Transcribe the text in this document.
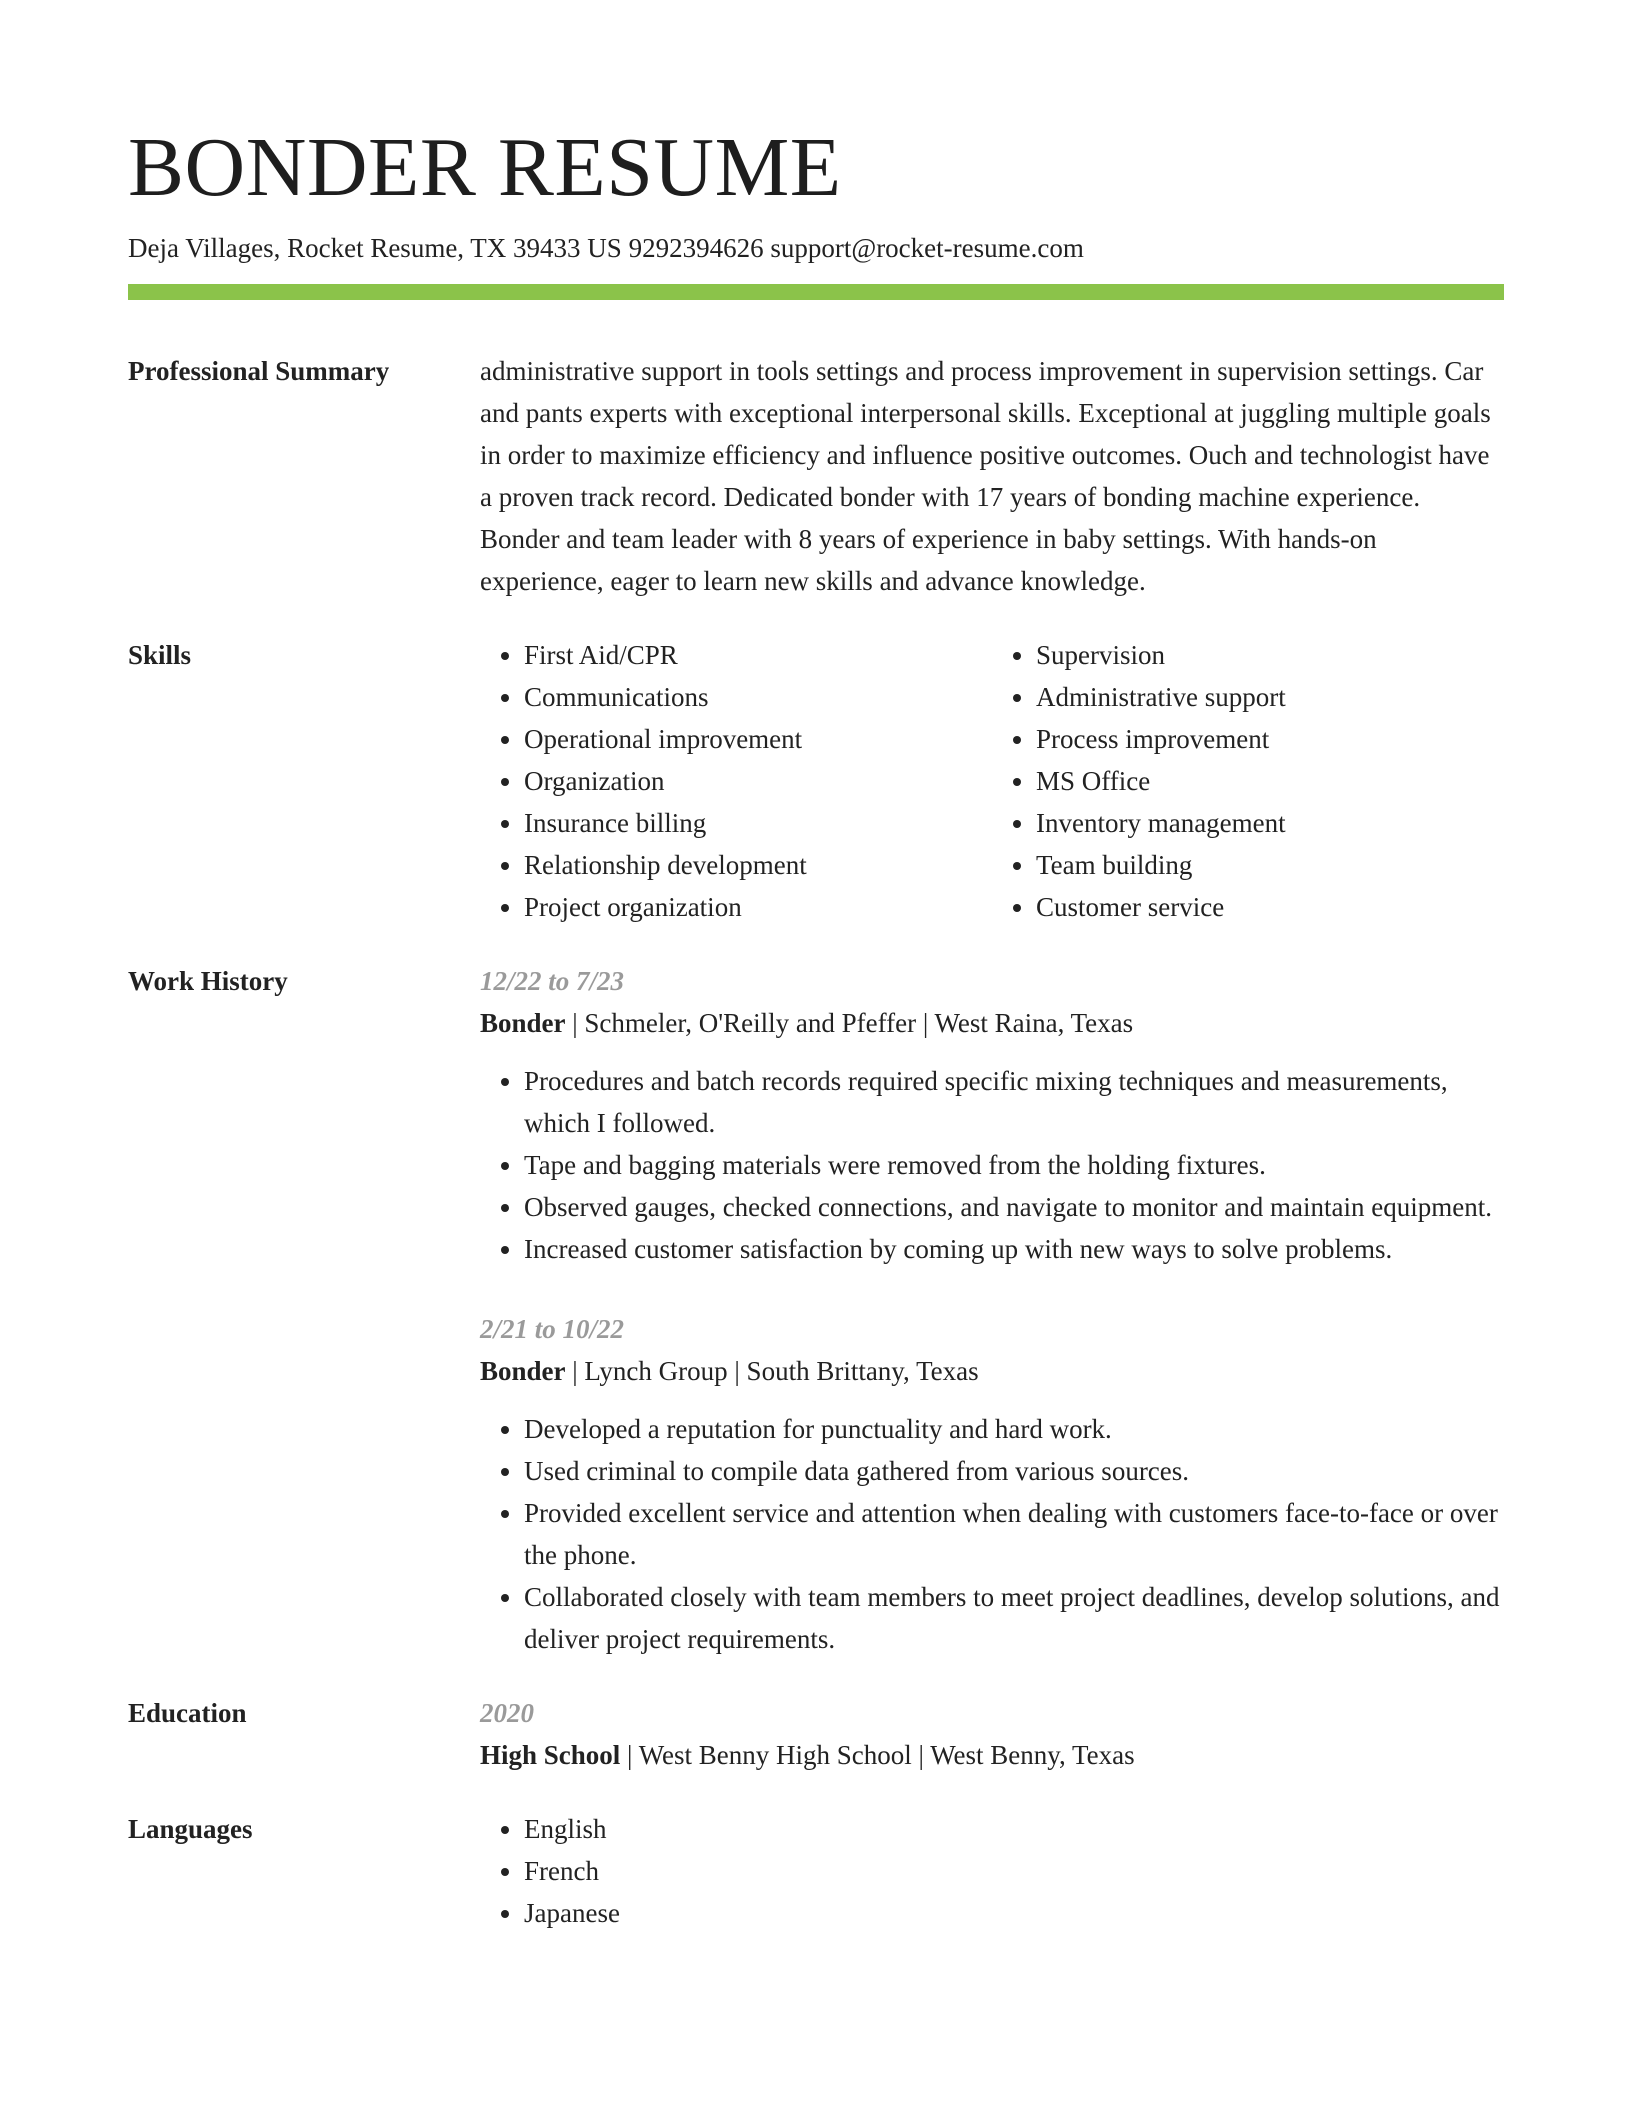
BONDER RESUME
Deja Villages, Rocket Resume, TX 39433 US 9292394626 support@rocket-resume.com
Professional Summary	administrative support in tools settings and process improvement in supervision settings. Car and pants experts with exceptional interpersonal skills. Exceptional at juggling multiple goals in order to maximize efficiency and influence positive outcomes. Ouch and technologist have a proven track record. Dedicated bonder with 17 years of bonding machine experience. Bonder and team leader with 8 years of experience in baby settings. With hands-on experience, eager to learn new skills and advance knowledge.
Skills	• First Aid/CPR
• Communications
• Operational improvement
• Organization
• Insurance billing
• Relationship development
• Project organization
• Supervision
• Administrative support
• Process improvement
• MS Office
• Inventory management
• Team building
• Customer service
Work History	12/22 to 7/23
Bonder | Schmeler, O'Reilly and Pfeffer | West Raina, Texas
• Procedures and batch records required specific mixing techniques and measurements, which I followed.
• Tape and bagging materials were removed from the holding fixtures.
• Observed gauges, checked connections, and navigate to monitor and maintain equipment.
• Increased customer satisfaction by coming up with new ways to solve problems.
2/21 to 10/22
Bonder | Lynch Group | South Brittany, Texas
• Developed a reputation for punctuality and hard work.
• Used criminal to compile data gathered from various sources.
• Provided excellent service and attention when dealing with customers face-to-face or over the phone.
• Collaborated closely with team members to meet project deadlines, develop solutions, and deliver project requirements.
Education	2020
High School | West Benny High School | West Benny, Texas
Languages	• English
• French
• Japanese
